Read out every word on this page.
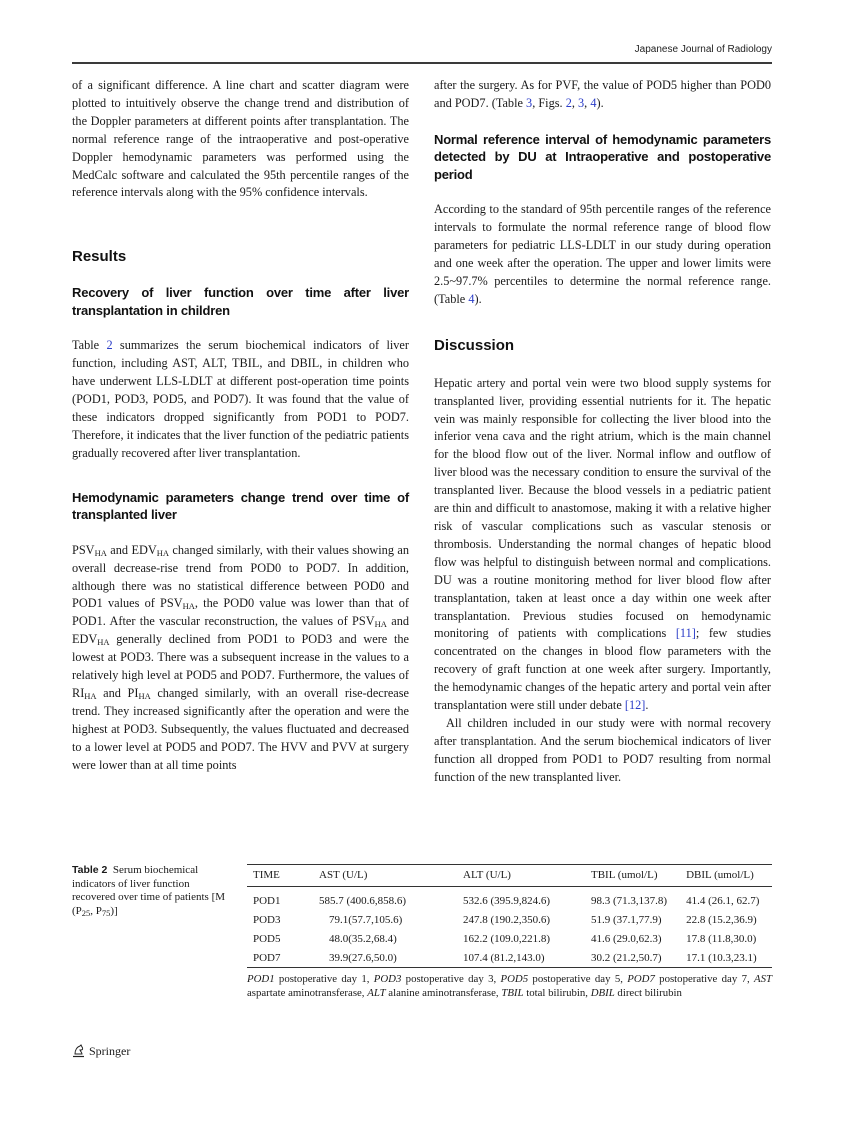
Japanese Journal of Radiology

of a significant difference. A line chart and scatter diagram were plotted to intuitively observe the change trend and distribution of the Doppler parameters at different points after transplantation. The normal reference range of the intraoperative and post-operative Doppler hemodynamic parameters was performed using the MedCalc software and calculated the 95th percentile ranges of the reference intervals along with the 95% confidence intervals.

Results
Recovery of liver function over time after liver transplantation in children

Table 2 summarizes the serum biochemical indicators of liver function, including AST, ALT, TBIL, and DBIL, in children who have underwent LLS-LDLT at different post-operation time points (POD1, POD3, POD5, and POD7). It was found that the value of these indicators dropped significantly from POD1 to POD7. Therefore, it indicates that the liver function of the pediatric patients gradually recovered after liver transplantation.

Hemodynamic parameters change trend over time of transplanted liver

$PSV_{HA}$ and $EDV_{HA}$ changed similarly, with their values showing an overall decrease-rise trend from POD0 to POD7. In addition, although there was no statistical difference between POD0 and POD1 values of $PSV_{HA}$, the POD0 value was lower than that of POD1. After the vascular reconstruction, the values of $PSV_{HA}$ and $EDV_{HA}$ generally declined from POD1 to POD3 and were the lowest at POD3. There was a subsequent increase in the values to a relatively high level at POD5 and POD7. Furthermore, the values of $RI_{HA}$ and $PI_{HA}$ changed similarly, with an overall rise-decrease trend. They increased significantly after the operation and were the highest at POD3. Subsequently, the values fluctuated and decreased to a lower level at POD5 and POD7. The HVV and PVV at surgery were lower than at all time points

after the surgery. As for PVF, the value of POD5 higher than POD0 and POD7. (Table 3, Figs. 2, 3, 4).

Normal reference interval of hemodynamic parameters detected by DU at Intraoperative and postoperative period

According to the standard of 95th percentile ranges of the reference intervals to formulate the normal reference range of blood flow parameters for pediatric LLS-LDLT in our study during operation and one week after the operation. The upper and lower limits were 2.5~97.7% percentiles to determine the normal reference range. (Table 4).

Discussion

Hepatic artery and portal vein were two blood supply systems for transplanted liver, providing essential nutrients for it. The hepatic vein was mainly responsible for collecting the liver blood into the inferior vena cava and the right atrium, which is the main channel for the blood flow out of the liver. Normal inflow and outflow of liver blood was the necessary condition to ensure the survival of the transplanted liver. Because the blood vessels in a pediatric patient are thin and difficult to anastomose, making it with a relative higher risk of vascular complications such as vascular stenosis or thrombosis. Understanding the normal changes of hepatic blood flow was helpful to distinguish between normal and complications. DU was a routine monitoring method for liver blood flow after transplantation, taken at least once a day within one week after transplantation. Previous studies focused on hemodynamic monitoring of patients with complications [11]; few studies concentrated on the changes in blood flow parameters with the recovery of graft function at one week after surgery. Importantly, the hemodynamic changes of the hepatic artery and portal vein after transplantation were still under debate [12].

All children included in our study were with normal recovery after transplantation. And the serum biochemical indicators of liver function all dropped from POD1 to POD7 resulting from normal function of the new transplanted liver.

Table 2 Serum biochemical indicators of liver function recovered over time of patients [M ($P_{25}$, $P_{75}$)]
TIME	AST (U/L)	ALT (U/L)	TBIL (umol/L)	DBIL (umol/L)
POD1	585.7 (400.6,858.6)	532.6 (395.9,824.6)	98.3 (71.3,137.8)	41.4 (26.1, 62.7)
POD3	79.1(57.7,105.6)	247.8 (190.2,350.6)	51.9 (37.1,77.9)	22.8 (15.2,36.9)
POD5	48.0(35.2,68.4)	162.2 (109.0,221.8)	41.6 (29.0,62.3)	17.8 (11.8,30.0)
POD7	39.9(27.6,50.0)	107.4 (81.2,143.0)	30.2 (21.2,50.7)	17.1 (10.3,23.1)
POD1 postoperative day 1, POD3 postoperative day 3, POD5 postoperative day 5, POD7 postoperative day 7, AST aspartate aminotransferase, ALT alanine aminotransferase, TBIL total bilirubin, DBIL direct bilirubin
Springer
